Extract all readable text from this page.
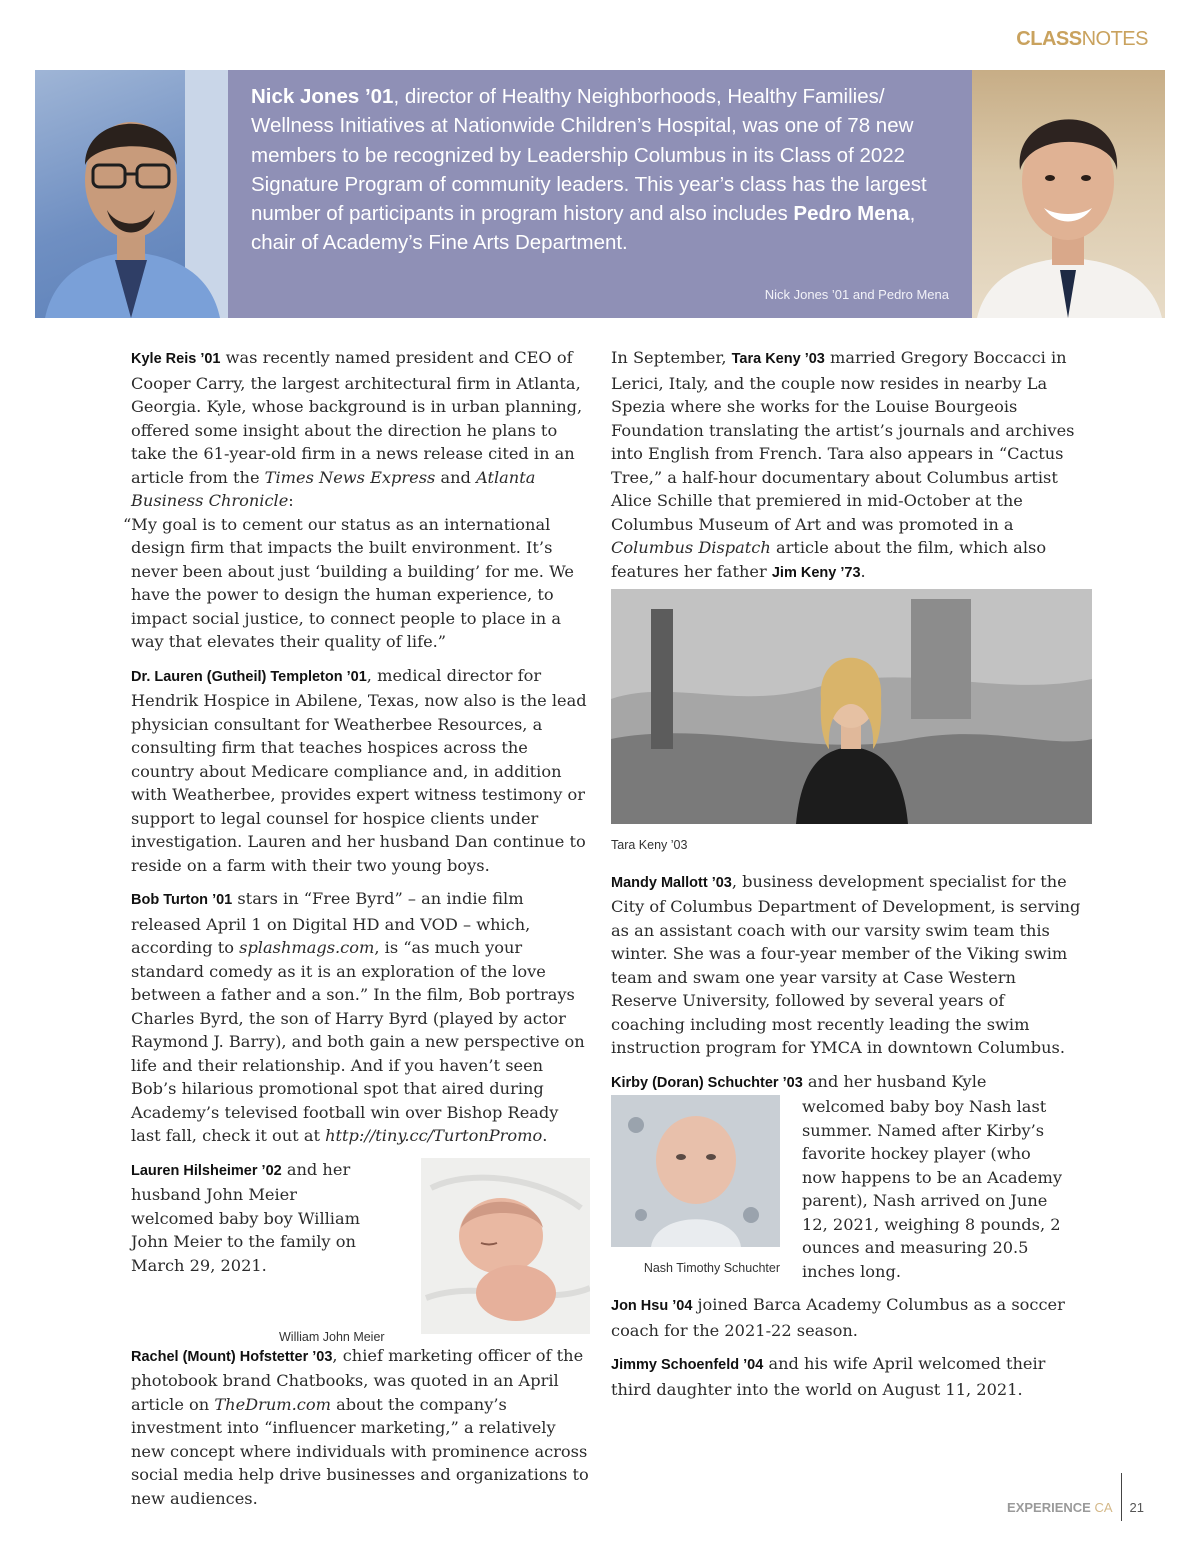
CLASSNOTES
Nick Jones ’01, director of Healthy Neighborhoods, Healthy Families/ Wellness Initiatives at Nationwide Children’s Hospital, was one of 78 new members to be recognized by Leadership Columbus in its Class of 2022 Signature Program of community leaders. This year’s class has the largest number of participants in program history and also includes Pedro Mena, chair of Academy’s Fine Arts Department.
Nick Jones ’01 and Pedro Mena

Kyle Reis ’01 was recently named president and CEO of Cooper Carry, the largest architectural firm in Atlanta, Georgia. Kyle, whose background is in urban planning, offered some insight about the direction he plans to take the 61-year-old firm in a news release cited in an article from the Times News Express and Atlanta Business Chronicle:
“My goal is to cement our status as an international design firm that impacts the built environment. It’s never been about just ‘building a building’ for me. We have the power to design the human experience, to impact social justice, to connect people to place in a way that elevates their quality of life.”

Dr. Lauren (Gutheil) Templeton ’01, medical director for Hendrik Hospice in Abilene, Texas, now also is the lead physician consultant for Weatherbee Resources, a consulting firm that teaches hospices across the country about Medicare compliance and, in addition with Weatherbee, provides expert witness testimony or support to legal counsel for hospice clients under investigation. Lauren and her husband Dan continue to reside on a farm with their two young boys.

Bob Turton ’01 stars in “Free Byrd” – an indie film released April 1 on Digital HD and VOD – which, according to splashmags.com, is “as much your standard comedy as it is an exploration of the love between a father and a son.” In the film, Bob portrays Charles Byrd, the son of Harry Byrd (played by actor Raymond J. Barry), and both gain a new perspective on life and their relationship. And if you haven’t seen Bob’s hilarious promotional spot that aired during Academy’s televised football win over Bishop Ready last fall, check it out at http://tiny.cc/TurtonPromo.

Lauren Hilsheimer ’02 and her husband John Meier welcomed baby boy William John Meier to the family on March 29, 2021.

William John Meier

Rachel (Mount) Hofstetter ’03, chief marketing officer of the photobook brand Chatbooks, was quoted in an April article on TheDrum.com about the company’s investment into “influencer marketing,” a relatively new concept where individuals with prominence across social media help drive businesses and organizations to new audiences.

In September, Tara Keny ’03 married Gregory Boccacci in Lerici, Italy, and the couple now resides in nearby La Spezia where she works for the Louise Bourgeois Foundation translating the artist’s journals and archives into English from French. Tara also appears in “Cactus Tree,” a half-hour documentary about Columbus artist Alice Schille that premiered in mid-October at the Columbus Museum of Art and was promoted in a Columbus Dispatch article about the film, which also features her father Jim Keny ’73.

Tara Keny ’03

Mandy Mallott ’03, business development specialist for the City of Columbus Department of Development, is serving as an assistant coach with our varsity swim team this winter. She was a four-year member of the Viking swim team and swam one year varsity at Case Western Reserve University, followed by several years of coaching including most recently leading the swim instruction program for YMCA in downtown Columbus.

Kirby (Doran) Schuchter ’03 and her husband Kyle

Nash Timothy Schuchter

welcomed baby boy Nash last summer. Named after Kirby’s favorite hockey player (who now happens to be an Academy parent), Nash arrived on June 12, 2021, weighing 8 pounds, 2 ounces and measuring 20.5 inches long.

Jon Hsu ’04 joined Barca Academy Columbus as a soccer coach for the 2021-22 season.

Jimmy Schoenfeld ’04 and his wife April welcomed their third daughter into the world on August 11, 2021.

EXPERIENCE CA 21
